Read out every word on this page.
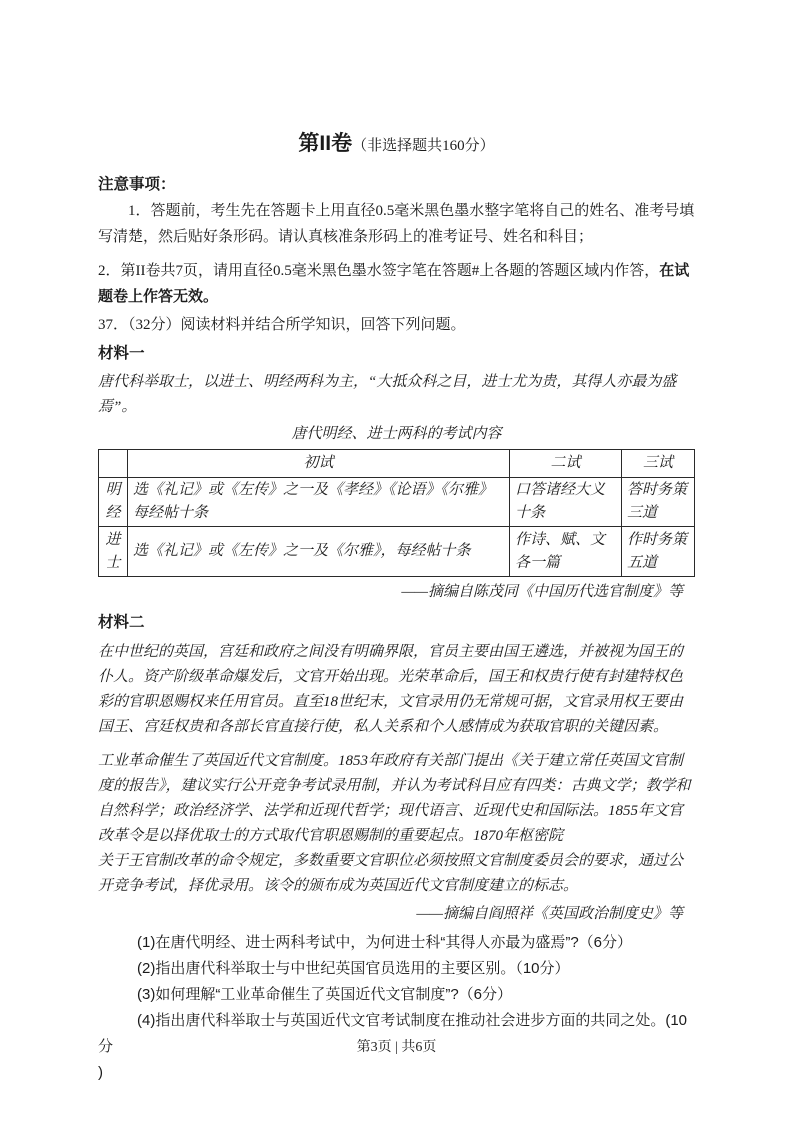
第II卷（非选择题共160分）
注意事项：
1．答题前，考生先在答题卡上用直径0.5毫米黑色墨水整字笔将自己的姓名、准考号填写清楚，然后贴好条形码。请认真核准条形码上的准考证号、姓名和科目；
2．第II卷共7页，请用直径0.5毫米黑色墨水签字笔在答题#上各题的答题区域内作答，在试题卷上作答无效。
37．（32分）阅读材料并结合所学知识，回答下列问题。
材料一
唐代科举取士，以进士、明经两科为主，“大抵众科之目，进士尤为贵，其得人亦最为盛焉”。
唐代明经、进士两科的考试内容
	初试	二试	三试
明经	选《礼记》或《左传》之一及《孝经》《论语》《尔雅》每经帖十条	口答诸经大义十条	答时务策三道
进士	选《礼记》或《左传》之一及《尔雅》，每经帖十条	作诗、赋、文各一篇	作时务策五道
——摘编自陈茂同《中国历代选官制度》等
材料二
在中世纪的英国，宫廷和政府之间没有明确界限，官员主要由国王遴选，并被视为国王的仆人。资产阶级革命爆发后，文官开始出现。光荣革命后，国王和权贵行使有封建特权色彩的官职恩赐权来任用官员。直至18世纪末，文官录用仍无常规可据，文官录用权王要由国王、宫廷权贵和各部长官直接行使，私人关系和个人感情成为获取官职的关键因素。
工业革命催生了英国近代文官制度。1853年政府有关部门提出《关于建立常任英国文官制度的报告》，建议实行公开竞争考试录用制，并认为考试科目应有四类：古典文学；教学和自然科学；政治经济学、法学和近现代哲学；现代语言、近现代史和国际法。1855年文官改革令是以择优取士的方式取代官职恩赐制的重要起点。1870年枢密院
关于王官制改革的命令规定，多数重要文官职位必须按照文官制度委员会的要求，通过公开竞争考试，择优录用。该令的颁布成为英国近代文官制度建立的标志。
——摘编自阎照祥《英国政治制度史》等
(1)在唐代明经、进士两科考试中，为何进士科“其得人亦最为盛焉”?（6分）
(2)指出唐代科举取士与中世纪英国官员选用的主要区别。（10分）
(3)如何理解“工业革命催生了英国近代文官制度”?（6分）
(4)指出唐代科举取士与英国近代文官考试制度在推动社会进步方面的共同之处。(10分
)
第3页 | 共6页
